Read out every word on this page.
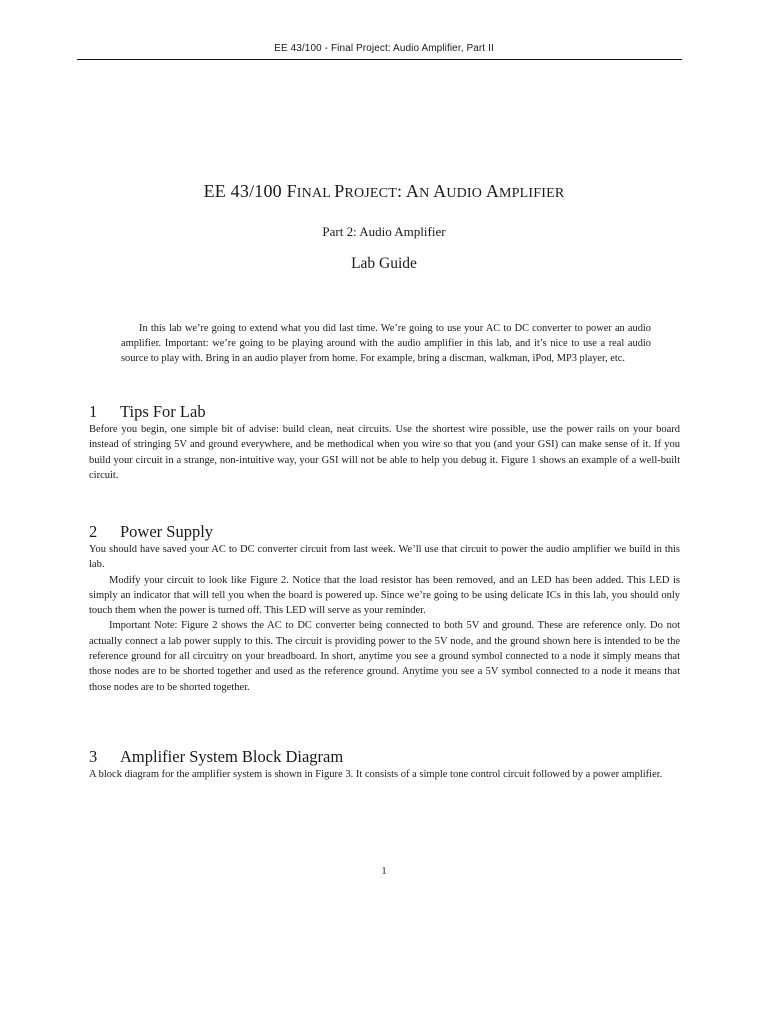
EE 43/100 - Final Project: Audio Amplifier, Part II
EE 43/100 FINAL PROJECT: AN AUDIO AMPLIFIER
Part 2: Audio Amplifier
Lab Guide
In this lab we’re going to extend what you did last time. We’re going to use your AC to DC converter to power an audio amplifier. Important: we’re going to be playing around with the audio amplifier in this lab, and it’s nice to use a real audio source to play with. Bring in an audio player from home. For example, bring a discman, walkman, iPod, MP3 player, etc.
1 Tips For Lab

Before you begin, one simple bit of advise: build clean, neat circuits. Use the shortest wire possible, use the power rails on your board instead of stringing 5V and ground everywhere, and be methodical when you wire so that you (and your GSI) can make sense of it. If you build your circuit in a strange, non-intuitive way, your GSI will not be able to help you debug it. Figure 1 shows an example of a well-built circuit.

2 Power Supply

You should have saved your AC to DC converter circuit from last week. We’ll use that circuit to power the audio amplifier we build in this lab.

Modify your circuit to look like Figure 2. Notice that the load resistor has been removed, and an LED has been added. This LED is simply an indicator that will tell you when the board is powered up. Since we’re going to be using delicate ICs in this lab, you should only touch them when the power is turned off. This LED will serve as your reminder.

Important Note: Figure 2 shows the AC to DC converter being connected to both 5V and ground. These are reference only. Do not actually connect a lab power supply to this. The circuit is providing power to the 5V node, and the ground shown here is intended to be the reference ground for all circuitry on your breadboard. In short, anytime you see a ground symbol connected to a node it simply means that those nodes are to be shorted together and used as the reference ground. Anytime you see a 5V symbol connected to a node it means that those nodes are to be shorted together.

3 Amplifier System Block Diagram

A block diagram for the amplifier system is shown in Figure 3. It consists of a simple tone control circuit followed by a power amplifier.

1
